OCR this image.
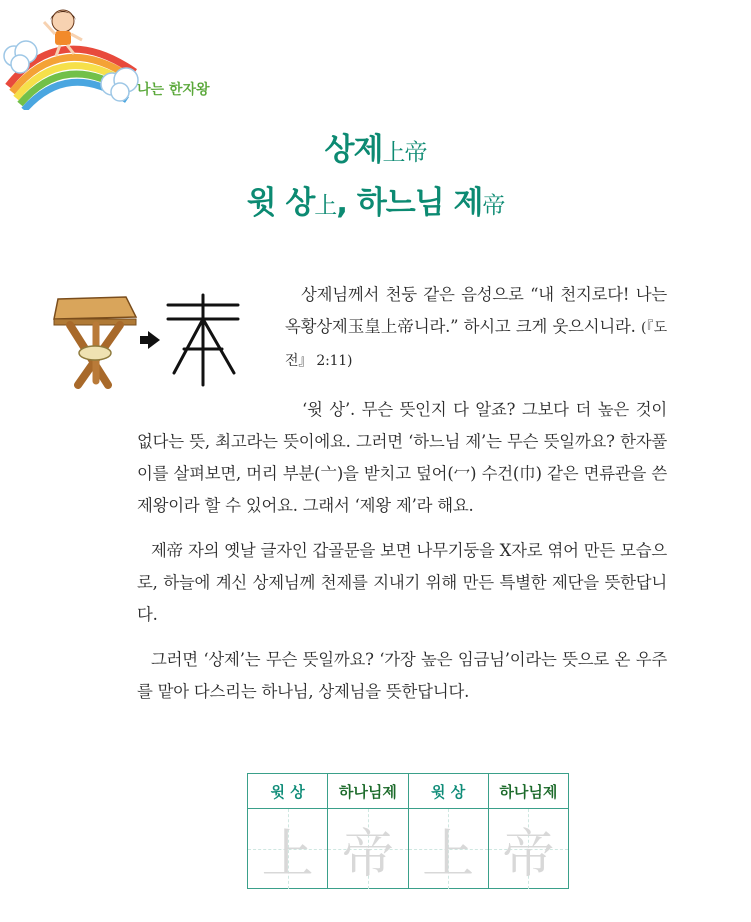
나는 한자왕
상제上帝
윗 상上, 하느님 제帝
상제님께서 천둥 같은 음성으로 “내 천지로다! 나는 옥황상제玉皇上帝니라.” 하시고 크게 웃으시니라. (『도전』 2:11)
‘윗 상’. 무슨 뜻인지 다 알죠? 그보다 더 높은 것이 없다는 뜻, 최고라는 뜻이에요. 그러면 ‘하느님 제’는 무슨 뜻일까요? 한자풀이를 살펴보면, 머리 부분(亠)을 받치고 덮어(冖) 수건(巾) 같은 면류관을 쓴 제왕이라 할 수 있어요. 그래서 ‘제왕 제’라 해요.
제帝 자의 옛날 글자인 갑골문을 보면 나무기둥을 X자로 엮어 만든 모습으로, 하늘에 계신 상제님께 천제를 지내기 위해 만든 특별한 제단을 뜻한답니다.
그러면 ‘상제’는 무슨 뜻일까요? ‘가장 높은 임금님’이라는 뜻으로 온 우주를 맡아 다스리는 하나님, 상제님을 뜻한답니다.
윗 상	하나님제	윗 상	하나님제
上 帝 上 帝
